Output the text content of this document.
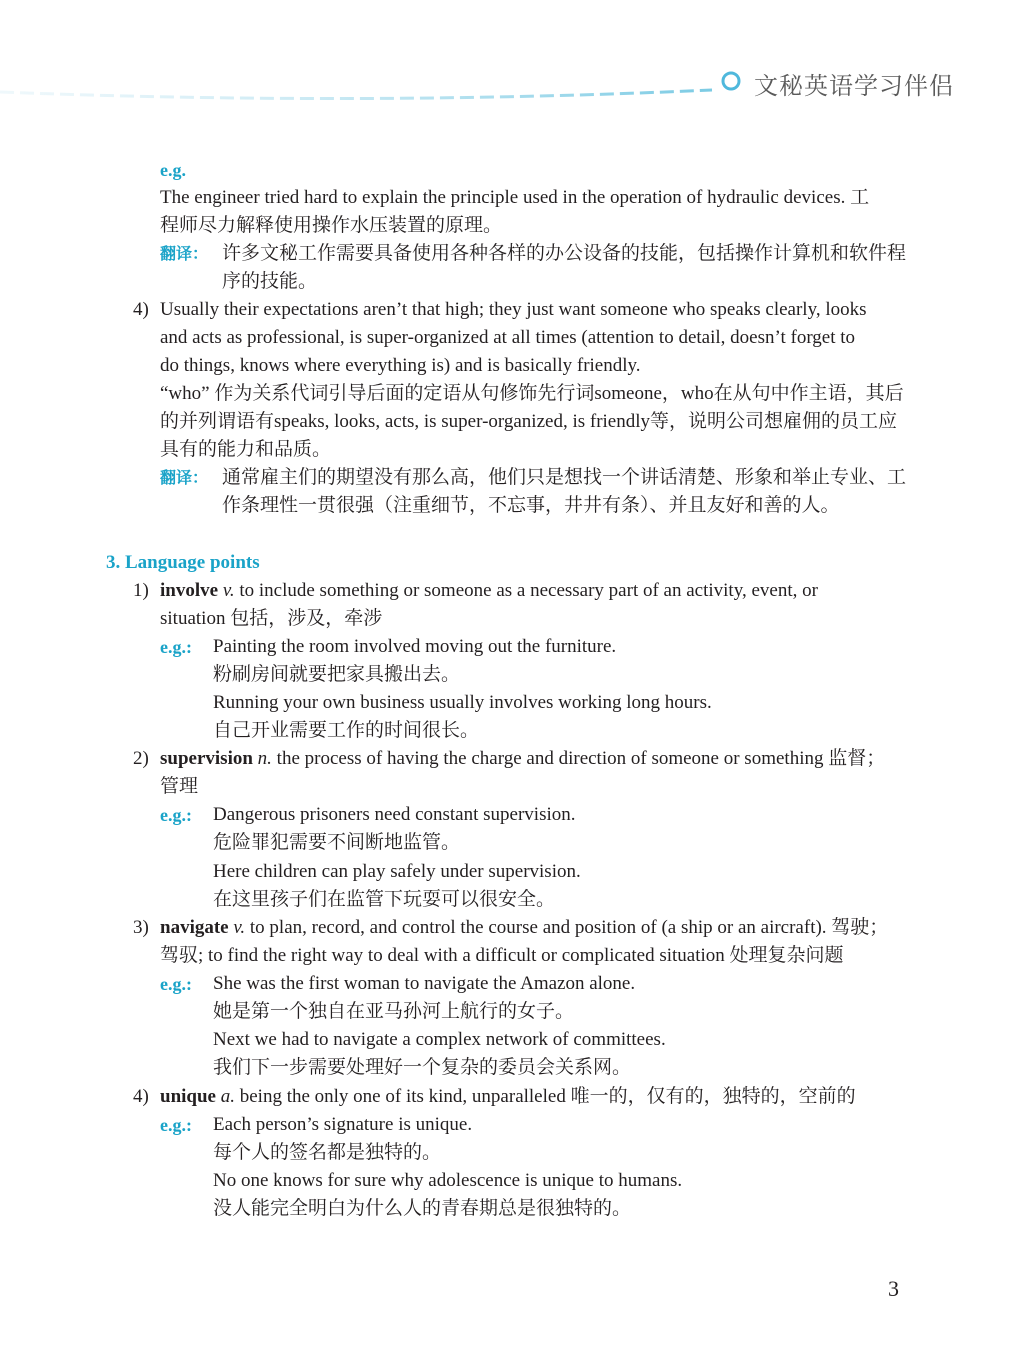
文秘英语学习伴侣
e.g.
The engineer tried hard to explain the principle used in the operation of hydraulic devices. 工
程师尽力解释使用操作水压装置的原理。
翻译： 许多文秘工作需要具备使用各种各样的办公设备的技能，包括操作计算机和软件程
序的技能。
4) Usually their expectations aren’t that high; they just want someone who speaks clearly, looks
and acts as professional, is super-organized at all times (attention to detail, doesn’t forget to
do things, knows where everything is) and is basically friendly.
“who” 作为关系代词引导后面的定语从句修饰先行词someone，who在从句中作主语，其后
的并列谓语有speaks, looks, acts, is super-organized, is friendly等，说明公司想雇佣的员工应
具有的能力和品质。
翻译： 通常雇主们的期望没有那么高，他们只是想找一个讲话清楚、形象和举止专业、工
作条理性一贯很强（注重细节，不忘事，井井有条）、并且友好和善的人。
3. Language points
1) involve v. to include something or someone as a necessary part of an activity, event, or
situation 包括，涉及，牵涉
e.g.: Painting the room involved moving out the furniture.
粉刷房间就要把家具搬出去。
Running your own business usually involves working long hours.
自己开业需要工作的时间很长。
2) supervision n. the process of having the charge and direction of someone or something 监督；
管理
e.g.: Dangerous prisoners need constant supervision.
危险罪犯需要不间断地监管。
Here children can play safely under supervision.
在这里孩子们在监管下玩耍可以很安全。
3) navigate v. to plan, record, and control the course and position of (a ship or an aircraft). 驾驶；
驾驭; to find the right way to deal with a difficult or complicated situation 处理复杂问题
e.g.: She was the first woman to navigate the Amazon alone.
她是第一个独自在亚马孙河上航行的女子。
Next we had to navigate a complex network of committees.
我们下一步需要处理好一个复杂的委员会关系网。
4) unique a. being the only one of its kind, unparalleled 唯一的，仅有的，独特的，空前的
e.g.: Each person’s signature is unique.
每个人的签名都是独特的。
No one knows for sure why adolescence is unique to humans.
没人能完全明白为什么人的青春期总是很独特的。
3
